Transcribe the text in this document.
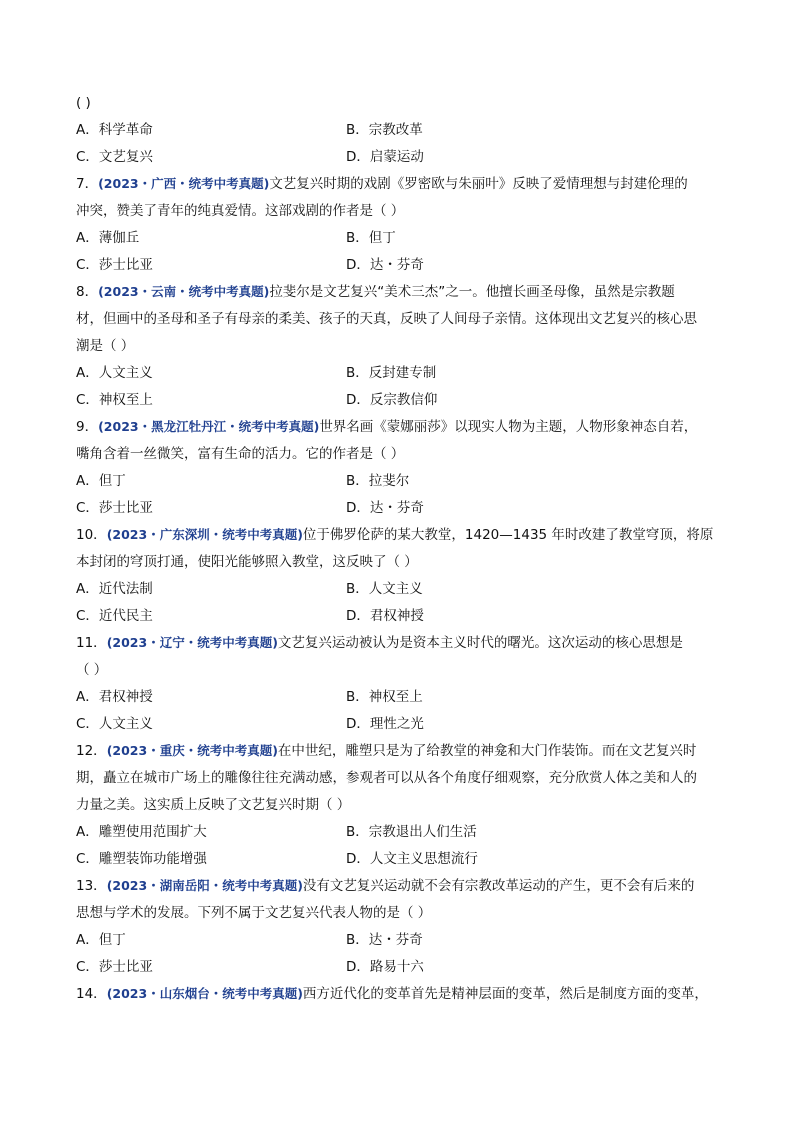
( )
A．科学革命	B．宗教改革
C．文艺复兴	D．启蒙运动
7．(2023・广西・统考中考真题)文艺复兴时期的戏剧《罗密欧与朱丽叶》反映了爱情理想与封建伦理的
冲突，赞美了青年的纯真爱情。这部戏剧的作者是（ ）
A．薄伽丘	B．但丁
C．莎士比亚	D．达・芬奇
8．(2023・云南・统考中考真题)拉斐尔是文艺复兴“美术三杰”之一。他擅长画圣母像，虽然是宗教题
材，但画中的圣母和圣子有母亲的柔美、孩子的天真，反映了人间母子亲情。这体现出文艺复兴的核心思
潮是（ ）
A．人文主义	B．反封建专制
C．神权至上	D．反宗教信仰
9．(2023・黑龙江牡丹江・统考中考真题)世界名画《蒙娜丽莎》以现实人物为主题，人物形象神态自若，
嘴角含着一丝微笑，富有生命的活力。它的作者是（ ）
A．但丁	B．拉斐尔
C．莎士比亚	D．达・芬奇
10．(2023・广东深圳・统考中考真题)位于佛罗伦萨的某大教堂，1420—1435 年时改建了教堂穹顶，将原
本封闭的穹顶打通，使阳光能够照入教堂，这反映了（ ）
A．近代法制	B．人文主义
C．近代民主	D．君权神授
11．(2023・辽宁・统考中考真题)文艺复兴运动被认为是资本主义时代的曙光。这次运动的核心思想是
（ ）
A．君权神授	B．神权至上
C．人文主义	D．理性之光
12．(2023・重庆・统考中考真题)在中世纪，雕塑只是为了给教堂的神龛和大门作装饰。而在文艺复兴时
期，矗立在城市广场上的雕像往往充满动感，参观者可以从各个角度仔细观察，充分欣赏人体之美和人的
力量之美。这实质上反映了文艺复兴时期（ ）
A．雕塑使用范围扩大	B．宗教退出人们生活
C．雕塑装饰功能增强	D．人文主义思想流行
13．(2023・湖南岳阳・统考中考真题)没有文艺复兴运动就不会有宗教改革运动的产生，更不会有后来的
思想与学术的发展。下列不属于文艺复兴代表人物的是（ ）
A．但丁	B．达・芬奇
C．莎士比亚	D．路易十六
14．(2023・山东烟台・统考中考真题)西方近代化的变革首先是精神层面的变革，然后是制度方面的变革，
